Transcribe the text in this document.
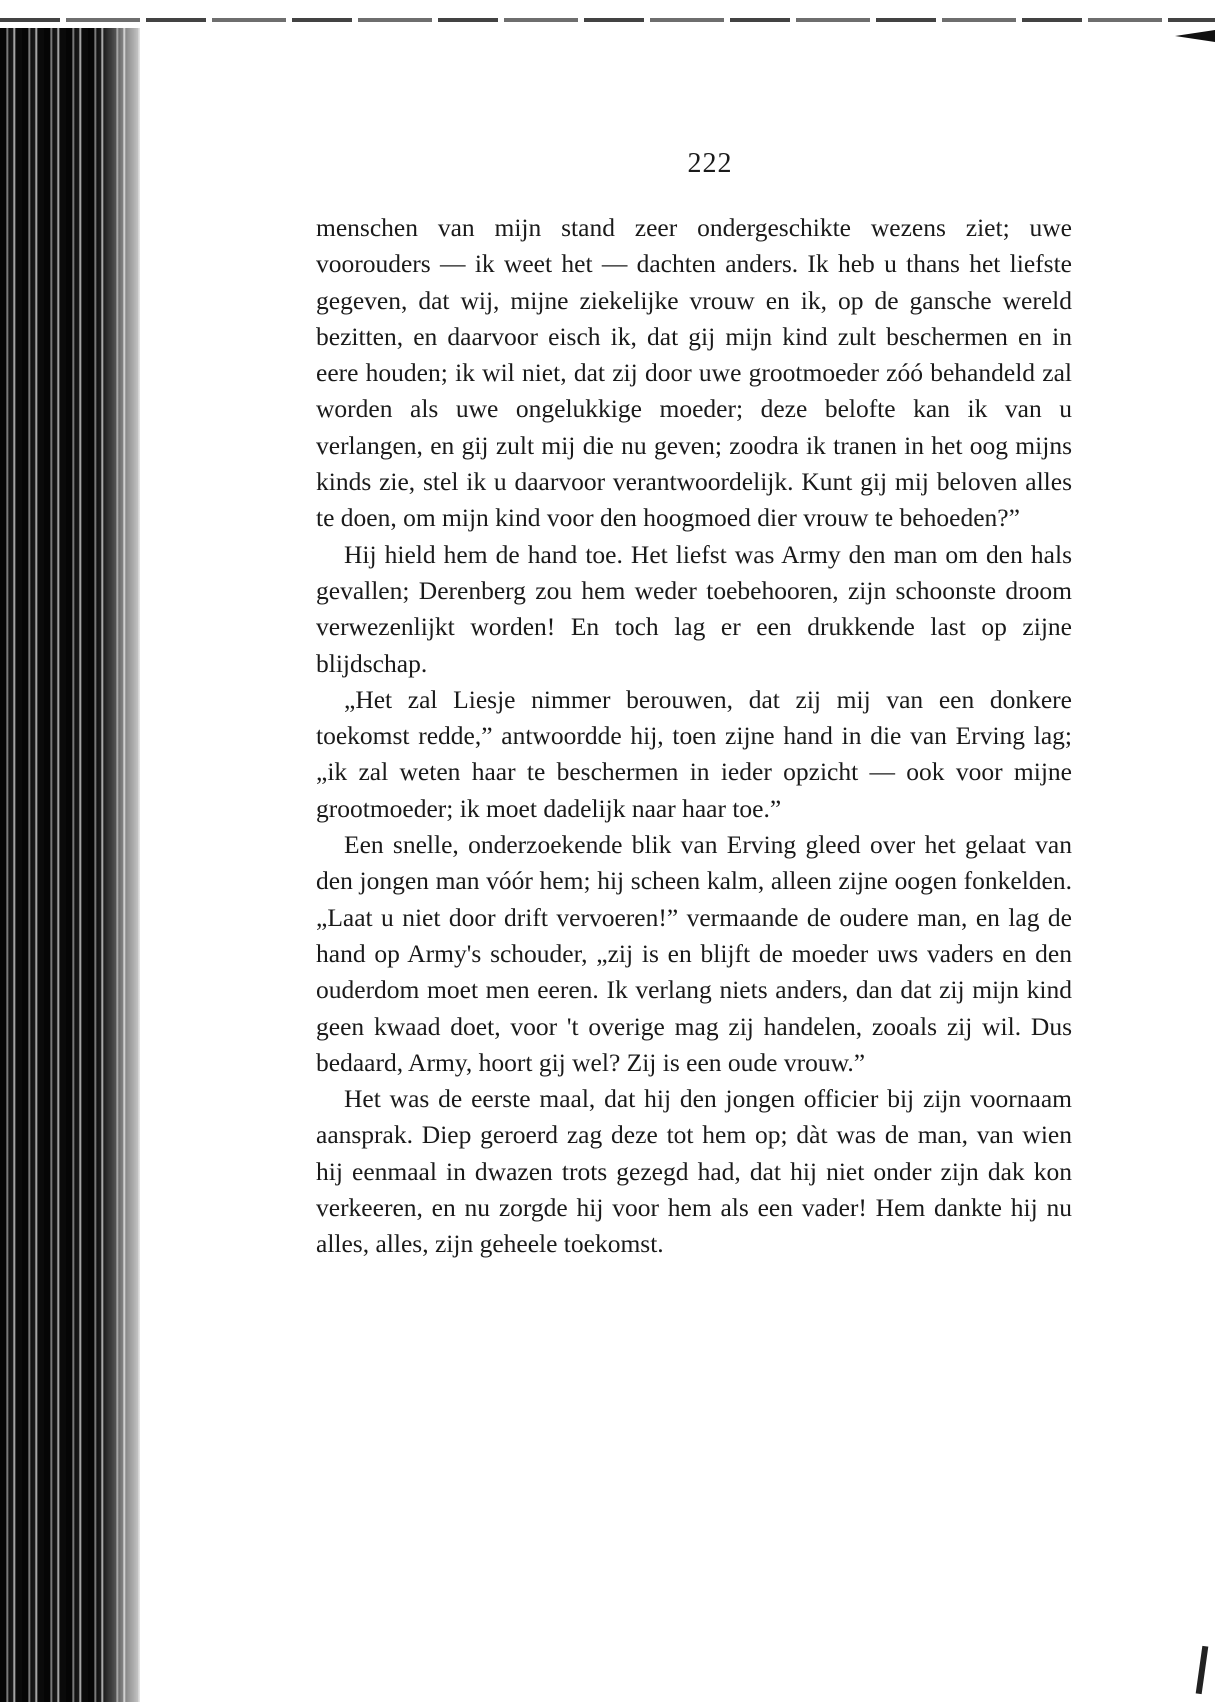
222

menschen van mijn stand zeer ondergeschikte wezens ziet; uwe voorouders — ik weet het — dachten anders. Ik heb u thans het liefste gegeven, dat wij, mijne ziekelijke vrouw en ik, op de gansche wereld bezitten, en daarvoor eisch ik, dat gij mijn kind zult beschermen en in eere houden; ik wil niet, dat zij door uwe grootmoeder zóó behandeld zal worden als uwe ongelukkige moeder; deze belofte kan ik van u verlangen, en gij zult mij die nu geven; zoodra ik tranen in het oog mijns kinds zie, stel ik u daarvoor verantwoordelijk. Kunt gij mij beloven alles te doen, om mijn kind voor den hoogmoed dier vrouw te behoeden?”

Hij hield hem de hand toe. Het liefst was Army den man om den hals gevallen; Derenberg zou hem weder toebehooren, zijn schoonste droom verwezenlijkt worden! En toch lag er een drukkende last op zijne blijdschap.

„Het zal Liesje nimmer berouwen, dat zij mij van een donkere toekomst redde,” antwoordde hij, toen zijne hand in die van Erving lag; „ik zal weten haar te beschermen in ieder opzicht — ook voor mijne grootmoeder; ik moet dadelijk naar haar toe.”

Een snelle, onderzoekende blik van Erving gleed over het gelaat van den jongen man vóór hem; hij scheen kalm, alleen zijne oogen fonkelden. „Laat u niet door drift vervoeren!” vermaande de oudere man, en lag de hand op Army's schouder, „zij is en blijft de moeder uws vaders en den ouderdom moet men eeren. Ik verlang niets anders, dan dat zij mijn kind geen kwaad doet, voor 't overige mag zij handelen, zooals zij wil. Dus bedaard, Army, hoort gij wel? Zij is een oude vrouw.”

Het was de eerste maal, dat hij den jongen officier bij zijn voornaam aansprak. Diep geroerd zag deze tot hem op; dàt was de man, van wien hij eenmaal in dwazen trots gezegd had, dat hij niet onder zijn dak kon verkeeren, en nu zorgde hij voor hem als een vader! Hem dankte hij nu alles, alles, zijn geheele toekomst.
